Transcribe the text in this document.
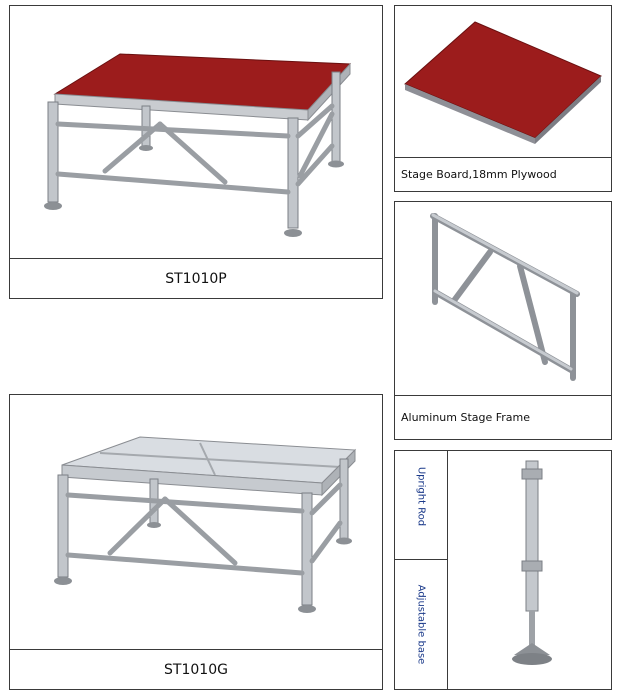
ST1010P
ST1010G
Stage Board,18mm Plywood
Aluminum Stage Frame
Upright Rod
Adjustable base
